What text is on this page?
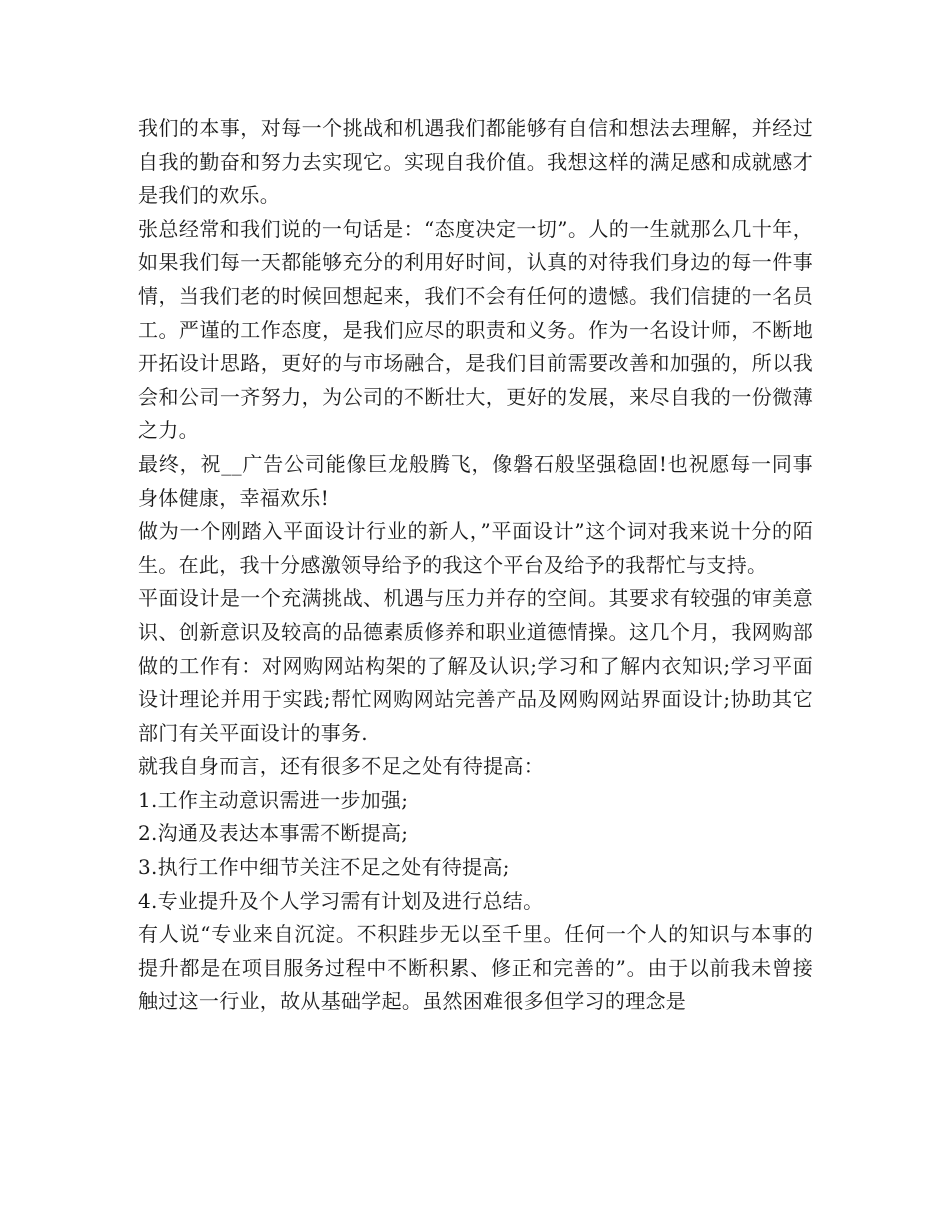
我们的本事，对每一个挑战和机遇我们都能够有自信和想法去理解，并经过自我的勤奋和努力去实现它。实现自我价值。我想这样的满足感和成就感才是我们的欢乐。

张总经常和我们说的一句话是：“态度决定一切”。人的一生就那么几十年，如果我们每一天都能够充分的利用好时间，认真的对待我们身边的每一件事情，当我们老的时候回想起来，我们不会有任何的遗憾。我们信捷的一名员工。严谨的工作态度，是我们应尽的职责和义务。作为一名设计师，不断地开拓设计思路，更好的与市场融合，是我们目前需要改善和加强的，所以我会和公司一齐努力，为公司的不断壮大，更好的发展，来尽自我的一份微薄之力。

最终，祝__广告公司能像巨龙般腾飞，像磐石般坚强稳固!也祝愿每一同事身体健康，幸福欢乐!

做为一个刚踏入平面设计行业的新人，”平面设计”这个词对我来说十分的陌生。在此，我十分感激领导给予的我这个平台及给予的我帮忙与支持。

平面设计是一个充满挑战、机遇与压力并存的空间。其要求有较强的审美意识、创新意识及较高的品德素质修养和职业道德情操。这几个月，我网购部做的工作有：对网购网站构架的了解及认识;学习和了解内衣知识;学习平面设计理论并用于实践;帮忙网购网站完善产品及网购网站界面设计;协助其它部门有关平面设计的事务.

就我自身而言，还有很多不足之处有待提高：

1.工作主动意识需进一步加强;

2.沟通及表达本事需不断提高;

3.执行工作中细节关注不足之处有待提高;

4.专业提升及个人学习需有计划及进行总结。

有人说“专业来自沉淀。不积跬步无以至千里。任何一个人的知识与本事的提升都是在项目服务过程中不断积累、修正和完善的”。由于以前我未曾接触过这一行业，故从基础学起。虽然困难很多但学习的理念是
